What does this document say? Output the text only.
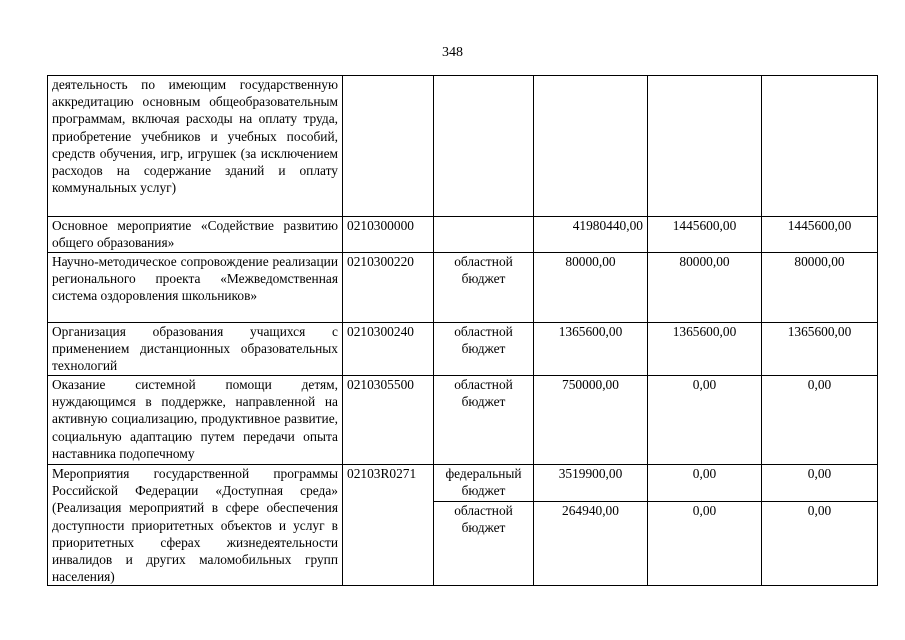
348
деятельность по имеющим государственную аккредитацию основным общеобразовательным программам, включая расходы на оплату труда, приобретение учебников и учебных пособий, средств обучения, игр, игрушек (за исключением расходов на содержание зданий и оплату коммунальных услуг)					
Основное мероприятие «Содействие развитию общего образования»	0210300000		41980440,00	1445600,00	1445600,00
Научно-методическое сопровождение реализации регионального проекта «Межведомственная система оздоровления школьников»	0210300220	областной бюджет	80000,00	80000,00	80000,00
Организация образования учащихся с применением дистанционных образовательных технологий	0210300240	областной бюджет	1365600,00	1365600,00	1365600,00
Оказание системной помощи детям, нуждающимся в поддержке, направленной на активную социализацию, продуктивное развитие, социальную адаптацию путем передачи опыта наставника подопечному	0210305500	областной бюджет	750000,00	0,00	0,00
Мероприятия государственной программы Российской Федерации «Доступная среда» (Реализация мероприятий в сфере обеспечения доступности приоритетных объектов и услуг в приоритетных сферах жизнедеятельности инвалидов и других маломобильных групп населения)	02103R0271	федеральный бюджет	3519900,00	0,00	0,00
		областной бюджет	264940,00	0,00	0,00
